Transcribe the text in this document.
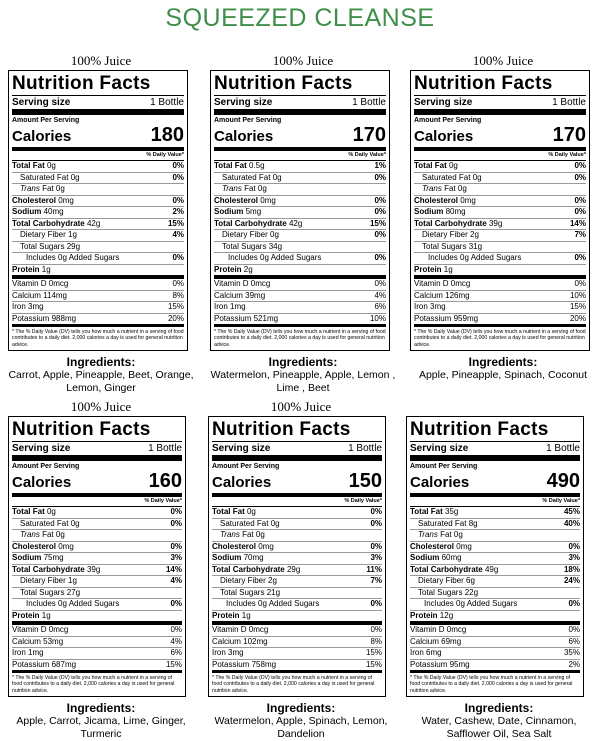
SQUEEZED CLEANSE
100% Juice
Nutrition Facts
Serving size	1 Bottle
Amount Per Serving
Calories	180
% Daily Value*
Total Fat 0g	0%
Saturated Fat 0g	0%
Trans Fat 0g
Cholesterol 0mg	0%
Sodium 40mg	2%
Total Carbohydrate 42g	15%
Dietary Fiber 1g	4%
Total Sugars 29g
Includes 0g Added Sugars	0%
Protein 1g
Vitamin D 0mcg	0%
Calcium 114mg	8%
Iron 3mg	15%
Potassium 988mg	20%
* The % Daily Value (DV) tells you how much a nutrient in a serving of food contributes to a daily diet. 2,000 calories a day is used for general nutrition advice.
Ingredients:
Carrot, Apple, Pineapple, Beet, Orange, Lemon, Ginger
100% Juice
Nutrition Facts
Serving size	1 Bottle
Amount Per Serving
Calories	170
% Daily Value*
Total Fat 0.5g	1%
Saturated Fat 0g	0%
Trans Fat 0g
Cholesterol 0mg	0%
Sodium 5mg	0%
Total Carbohydrate 42g	15%
Dietary Fiber 0g	0%
Total Sugars 34g
Includes 0g Added Sugars	0%
Protein 2g
Vitamin D 0mcg	0%
Calcium 39mg	4%
Iron 1mg	6%
Potassium 521mg	10%
* The % Daily Value (DV) tells you how much a nutrient in a serving of food contributes to a daily diet. 2,000 calories a day is used for general nutrition advice.
Ingredients:
Watermelon, Pineapple, Apple, Lemon , Lime , Beet
100% Juice
Nutrition Facts
Serving size	1 Bottle
Amount Per Serving
Calories	170
% Daily Value*
Total Fat 0g	0%
Saturated Fat 0g	0%
Trans Fat 0g
Cholesterol 0mg	0%
Sodium 80mg	0%
Total Carbohydrate 39g	14%
Dietary Fiber 2g	7%
Total Sugars 31g
Includes 0g Added Sugars	0%
Protein 1g
Vitamin D 0mcg	0%
Calcium 126mg	10%
Iron 3mg	15%
Potassium 959mg	20%
* The % Daily Value (DV) tells you how much a nutrient in a serving of food contributes to a daily diet. 2,000 calories a day is used for general nutrition advice.
Ingredients:
Apple, Pineapple, Spinach, Coconut
100% Juice
Nutrition Facts
Serving size	1 Bottle
Amount Per Serving
Calories	160
% Daily Value*
Total Fat 0g	0%
Saturated Fat 0g	0%
Trans Fat 0g
Cholesterol 0mg	0%
Sodium 75mg	3%
Total Carbohydrate 39g	14%
Dietary Fiber 1g	4%
Total Sugars 27g
Includes 0g Added Sugars	0%
Protein 1g
Vitamin D 0mcg	0%
Calcium 53mg	4%
Iron 1mg	6%
Potassium 687mg	15%
* The % Daily Value (DV) tells you how much a nutrient in a serving of food contributes to a daily diet. 2,000 calories a day is used for general nutrition advice.
Ingredients:
Apple, Carrot, Jicama, Lime, Ginger, Turmeric
100% Juice
Nutrition Facts
Serving size	1 Bottle
Amount Per Serving
Calories	150
% Daily Value*
Total Fat 0g	0%
Saturated Fat 0g	0%
Trans Fat 0g
Cholesterol 0mg	0%
Sodium 70mg	3%
Total Carbohydrate 29g	11%
Dietary Fiber 2g	7%
Total Sugars 21g
Includes 0g Added Sugars	0%
Protein 1g
Vitamin D 0mcg	0%
Calcium 102mg	8%
Iron 3mg	15%
Potassium 758mg	15%
* The % Daily Value (DV) tells you how much a nutrient in a serving of food contributes to a daily diet. 2,000 calories a day is used for general nutrition advice.
Ingredients:
Watermelon, Apple, Spinach, Lemon, Dandelion
Nutrition Facts
Serving size	1 Bottle
Amount Per Serving
Calories	490
% Daily Value*
Total Fat 35g	45%
Saturated Fat 8g	40%
Trans Fat 0g
Cholesterol 0mg	0%
Sodium 60mg	3%
Total Carbohydrate 49g	18%
Dietary Fiber 6g	24%
Total Sugars 22g
Includes 0g Added Sugars	0%
Protein 12g
Vitamin D 0mcg	0%
Calcium 69mg	6%
Iron 6mg	35%
Potassium 95mg	2%
* The % Daily Value (DV) tells you how much a nutrient in a serving of food contributes to a daily diet. 2,000 calories a day is used for general nutrition advice.
Ingredients:
Water, Cashew, Date, Cinnamon, Safflower Oil, Sea Salt
